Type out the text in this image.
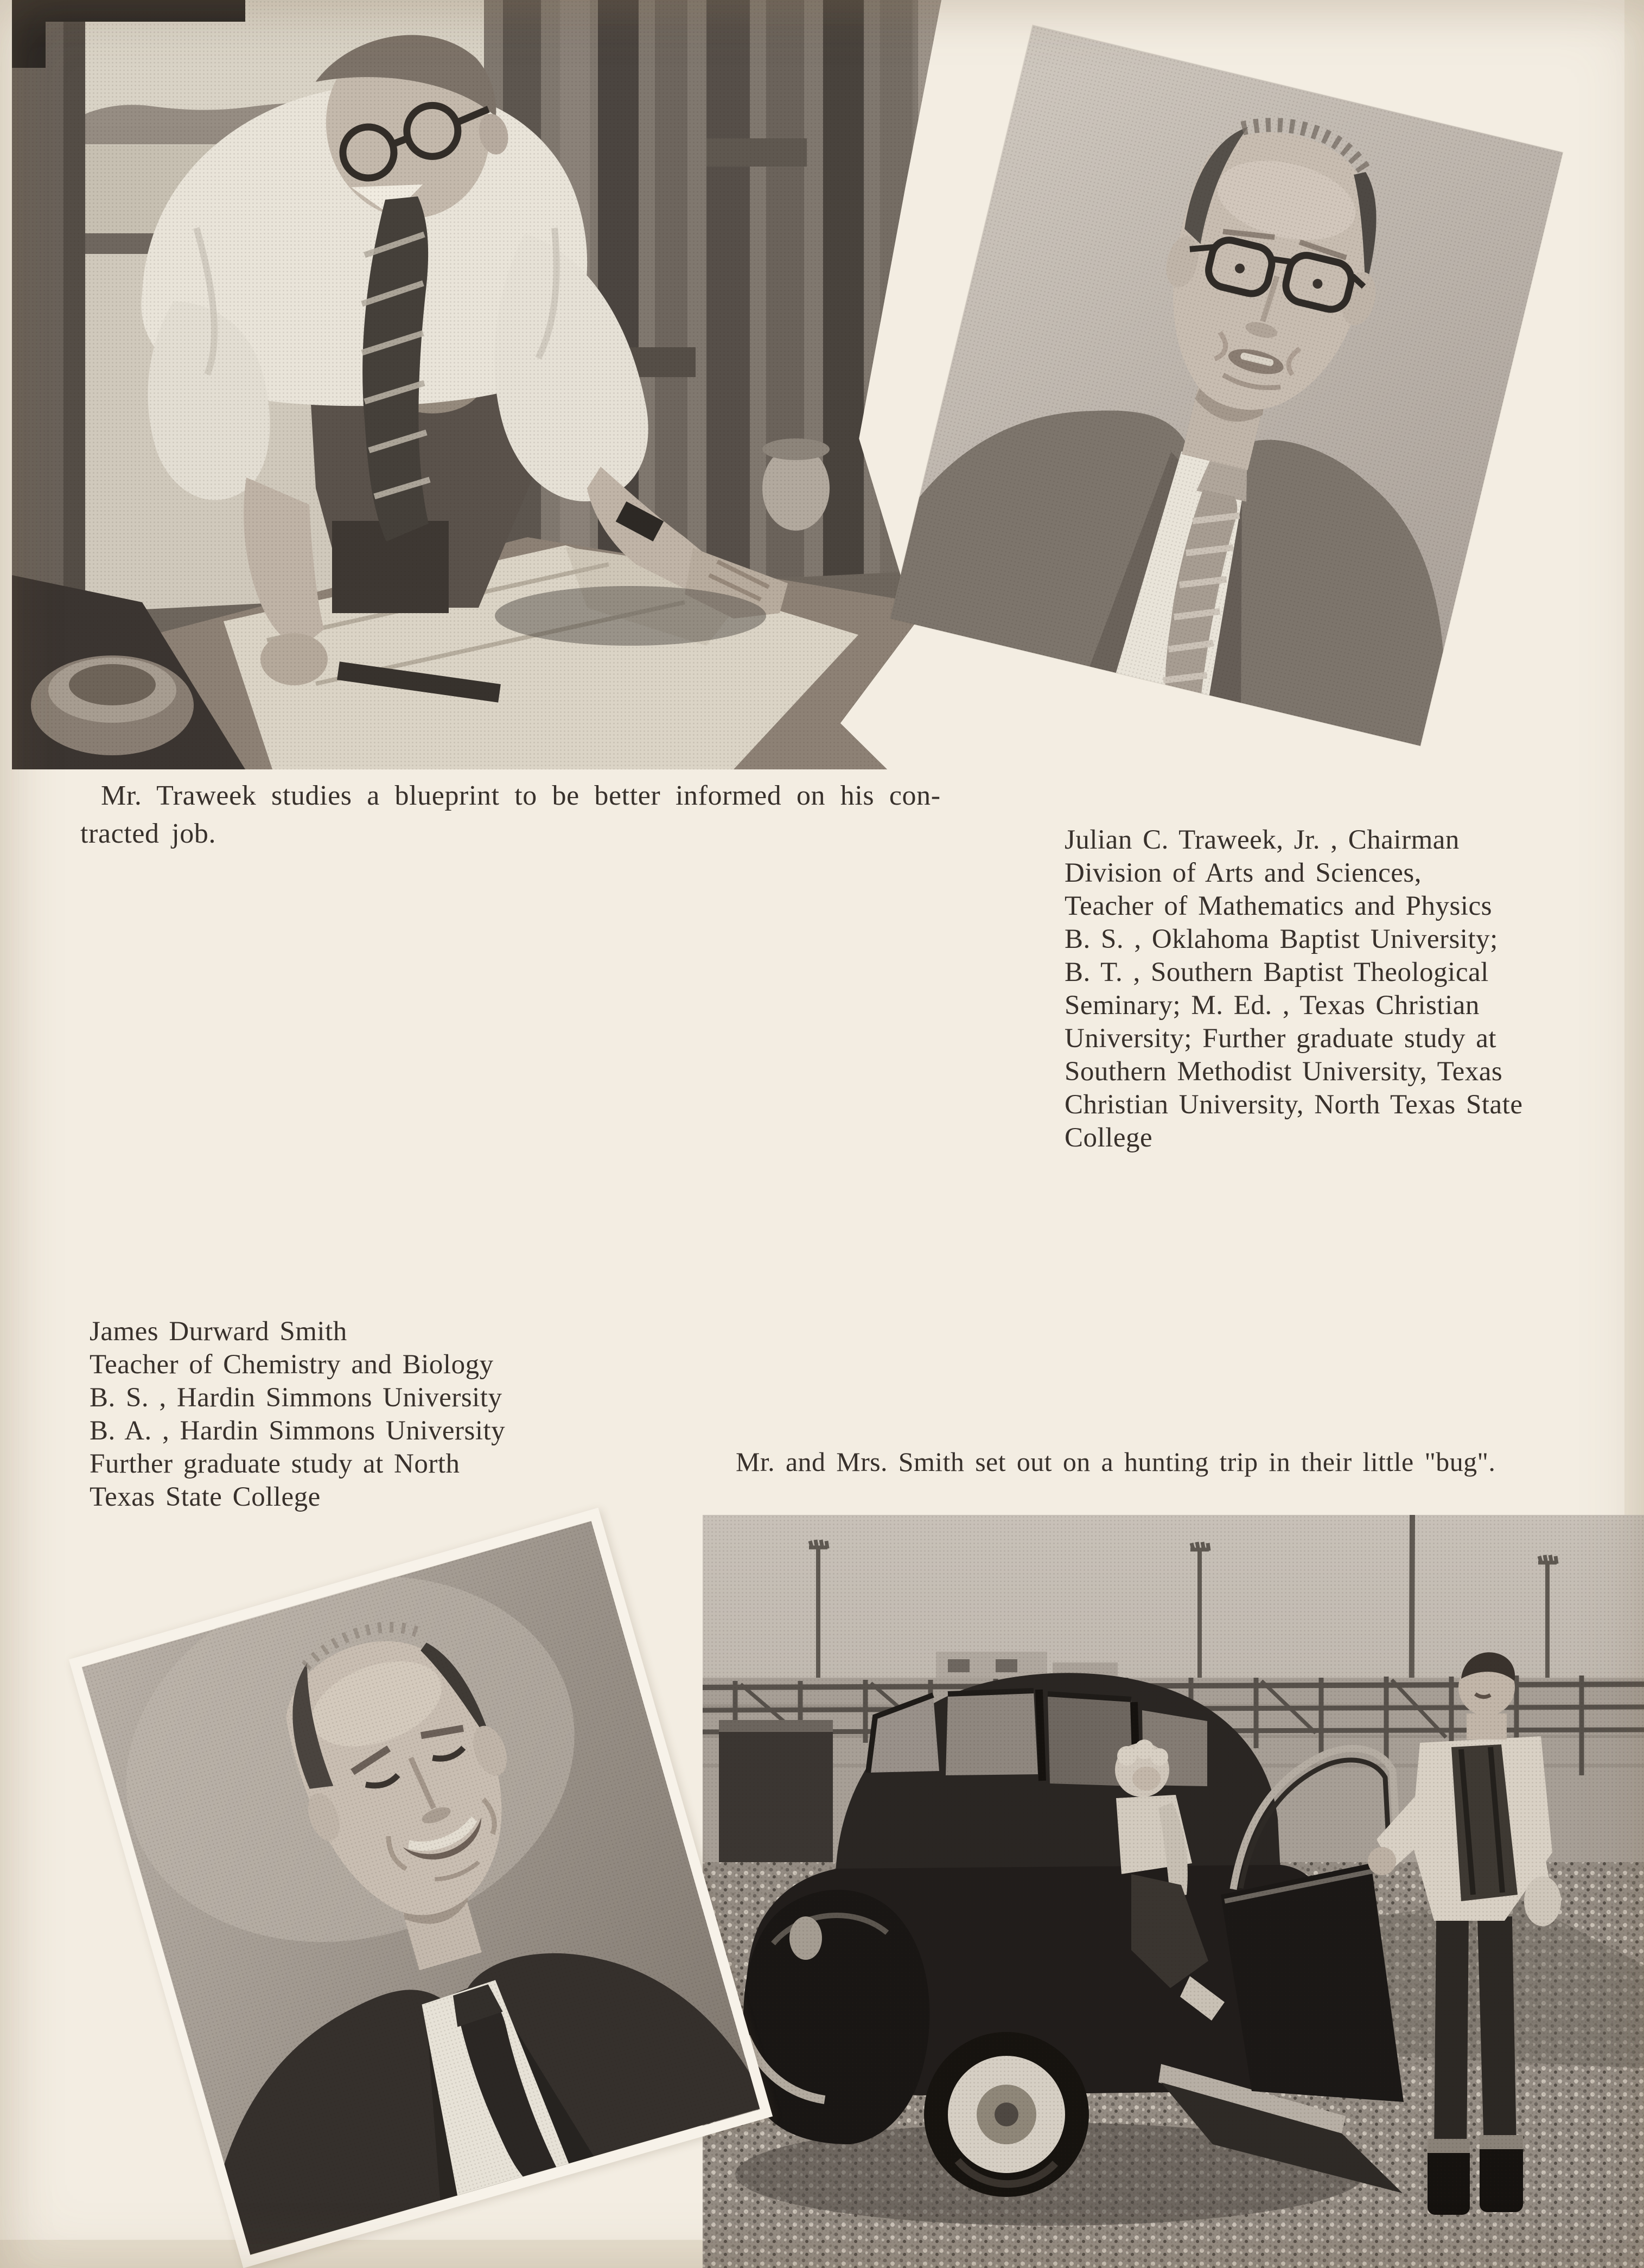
Mr. Traweek studies a blueprint to be better informed on his con-
tracted job.	Julian C. Traweek, Jr. , Chairman
Division of Arts and Sciences,
Teacher of Mathematics and Physics
B. S. , Oklahoma Baptist University;
B. T. , Southern Baptist Theological
Seminary; M. Ed. , Texas Christian
University; Further graduate study at
Southern Methodist University, Texas
Christian University, North Texas State
College
James Durward Smith
Teacher of Chemistry and Biology
B. S. , Hardin Simmons University
B. A. , Hardin Simmons University
Further graduate study at North
Texas State College
Mr. and Mrs. Smith set out on a hunting trip in their little "bug".
